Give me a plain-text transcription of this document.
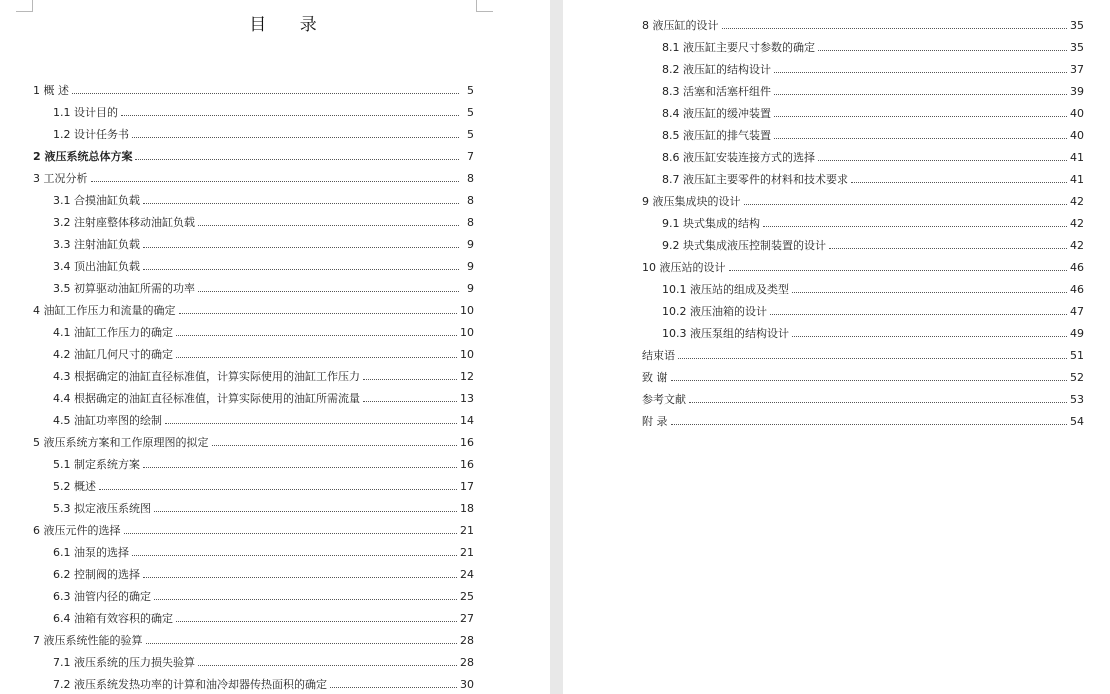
目 录
1 概 述	5
1.1 设计目的	5
1.2 设计任务书	5
2 液压系统总体方案	7
3 工况分析	8
3.1 合摸油缸负载	8
3.2 注射座整体移动油缸负载	8
3.3 注射油缸负载	9
3.4 顶出油缸负载	9
3.5 初算驱动油缸所需的功率	9
4 油缸工作压力和流量的确定	10
4.1 油缸工作压力的确定	10
4.2 油缸几何尺寸的确定	10
4.3 根据确定的油缸直径标准值，计算实际使用的油缸工作压力	12
4.4 根据确定的油缸直径标准值，计算实际使用的油缸所需流量	13
4.5 油缸功率图的绘制	14
5 液压系统方案和工作原理图的拟定	16
5.1 制定系统方案	16
5.2 概述	17
5.3 拟定液压系统图	18
6 液压元件的选择	21
6.1 油泵的选择	21
6.2 控制阀的选择	24
6.3 油管内径的确定	25
6.4 油箱有效容积的确定	27
7 液压系统性能的验算	28
7.1 液压系统的压力损失验算	28
7.2 液压系统发热功率的计算和油冷却器传热面积的确定	30
8 液压缸的设计	35
8.1 液压缸主要尺寸参数的确定	35
8.2 液压缸的结构设计	37
8.3 活塞和活塞杆组件	39
8.4 液压缸的缓冲装置	40
8.5 液压缸的排气装置	40
8.6 液压缸安装连接方式的选择	41
8.7 液压缸主要零件的材料和技术要求	41
9 液压集成块的设计	42
9.1 块式集成的结构	42
9.2 块式集成液压控制装置的设计	42
10 液压站的设计	46
10.1 液压站的组成及类型	46
10.2 液压油箱的设计	47
10.3 液压泵组的结构设计	49
结束语	51
致 谢	52
参考文献	53
附 录	54
